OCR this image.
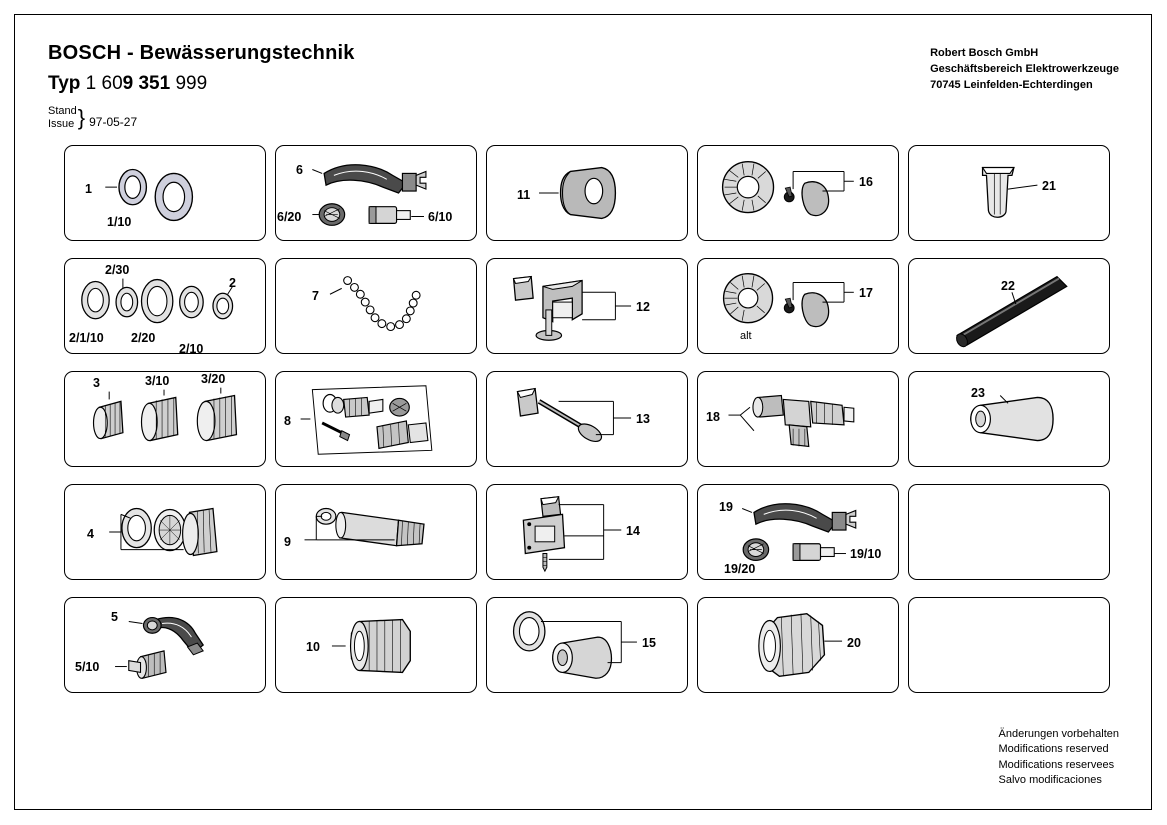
BOSCH - Bewässerungstechnik
Typ 1 609 351 999
Stand
Issue } 97-05-27
Robert Bosch GmbH
Geschäftsbereich Elektrowerkzeuge
70745 Leinfelden-Echterdingen
Änderungen vorbehalten
Modifications reserved
Modifications reservees
Salvo modificaciones
1
1/10
6
6/20	6/10
11
16	21
2/30
2
2/1/10 2/20
2/10
7
12
17
alt
22
3	3/10	3/20
8	13	18
23
4
9
14
19
19/20
19/10
5
5/10
10	15	20
